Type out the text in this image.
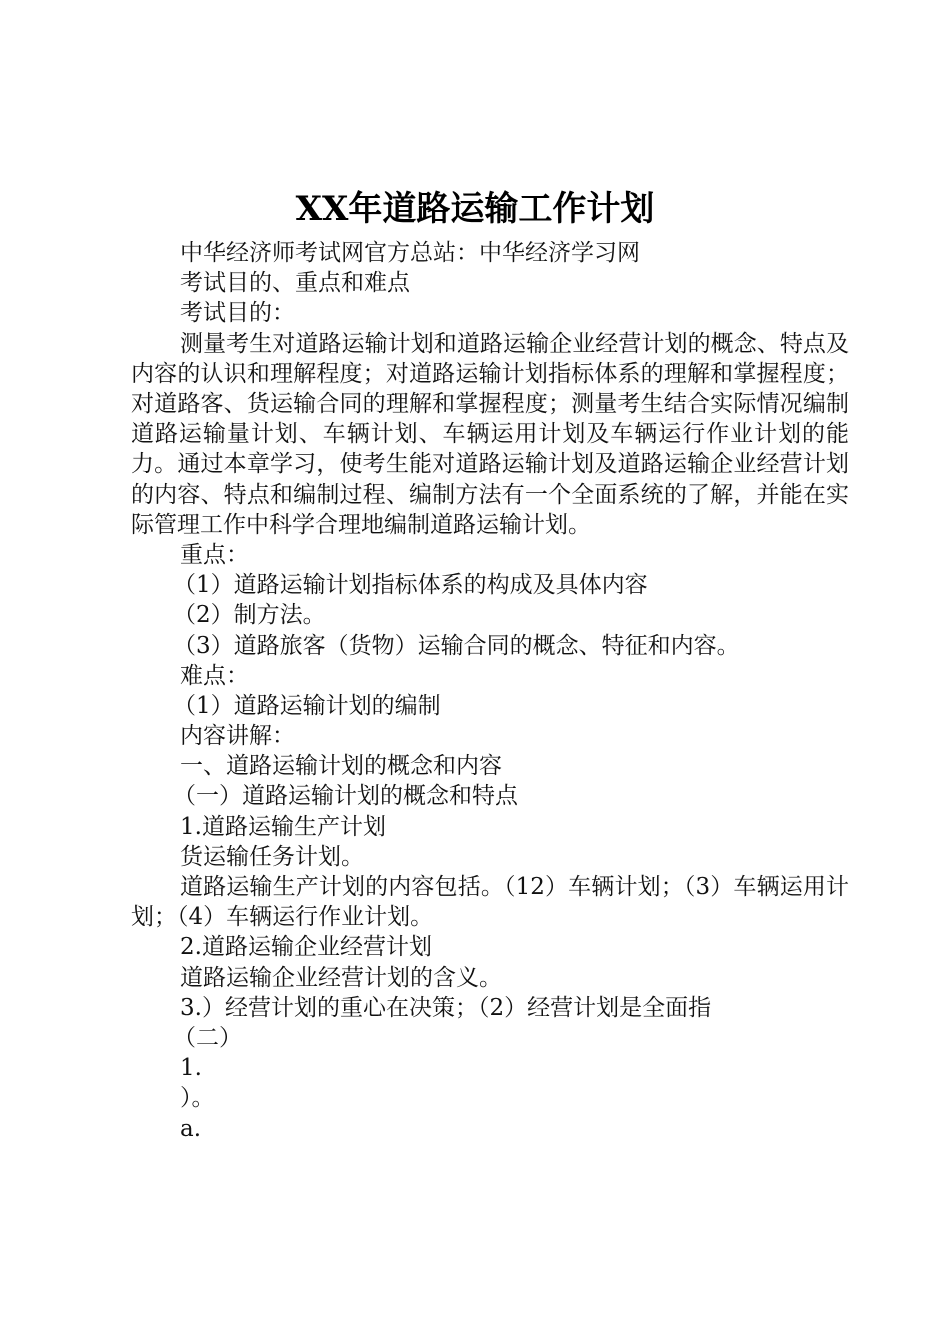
XX年道路运输工作计划
中华经济师考试网官方总站：中华经济学习网
考试目的、重点和难点
考试目的：
测量考生对道路运输计划和道路运输企业经营计划的概念、特点及内容的认识和理解程度；对道路运输计划指标体系的理解和掌握程度；对道路客、货运输合同的理解和掌握程度；测量考生结合实际情况编制道路运输量计划、车辆计划、车辆运用计划及车辆运行作业计划的能力。通过本章学习，使考生能对道路运输计划及道路运输企业经营计划的内容、特点和编制过程、编制方法有一个全面系统的了解，并能在实际管理工作中科学合理地编制道路运输计划。
重点：
（1）道路运输计划指标体系的构成及具体内容
（2）制方法。
（3）道路旅客（货物）运输合同的概念、特征和内容。
难点：
（1）道路运输计划的编制
内容讲解：
一、道路运输计划的概念和内容
（一）道路运输计划的概念和特点
1.道路运输生产计划
货运输任务计划。
道路运输生产计划的内容包括。（12）车辆计划；（3）车辆运用计划；（4）车辆运行作业计划。
2.道路运输企业经营计划
道路运输企业经营计划的含义。
3.）经营计划的重心在决策；（2）经营计划是全面指
（二）
1.
）。
a.
